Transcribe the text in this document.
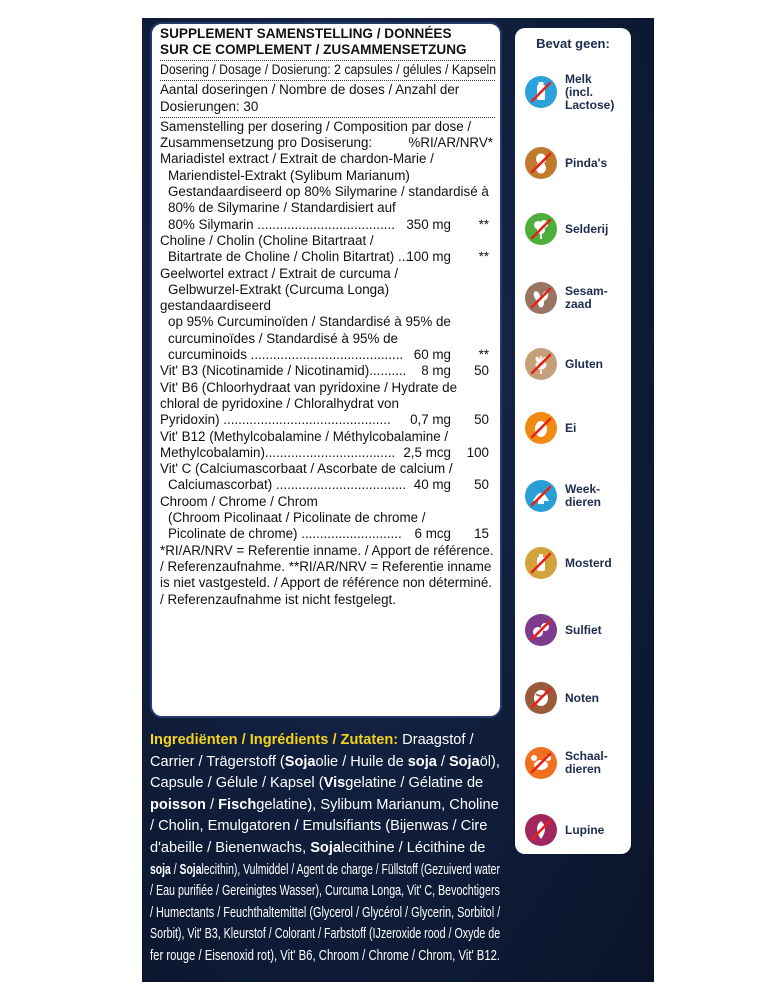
SUPPLEMENT SAMENSTELLING / DONNÉES
SUR CE COMPLEMENT / ZUSAMMENSETZUNG
Dosering / Dosage / Dosierung: 2 capsules / gélules / Kapseln
Aantal doseringen / Nombre de doses / Anzahl der
Dosierungen: 30
Samenstelling per dosering / Composition par dose /
Zusammensetzung pro Dosiserung:	%RI/AR/NRV*
Mariadistel extract / Extrait de chardon-Marie /
Mariendistel-Extrakt (Sylibum Marianum)
Gestandaardiseerd op 80% Silymarine / standardisé à
80% de Silymarine / Standardisiert auf
80% Silymarin ..................................... 350 mg **
Choline / Cholin (Choline Bitartraat /
Bitartrate de Choline / Cholin Bitartrat) ...
100 mg **
Geelwortel extract / Extrait de curcuma /
Gelbwurzel-Extrakt (Curcuma Longa)
gestandaardiseerd
op 95% Curcuminoïden / Standardisé à 95% de
curcuminoïdes / Standardisé à 95% de
curcuminoids ......................................... 60 mg **
Vit' B3 (Nicotinamide / Nicotinamid).......... 8 mg 50
Vit' B6 (Chloorhydraat van pyridoxine / Hydrate de
chloral de pyridoxine / Chloralhydrat von
Pyridoxin) ............................................. 0,7 mg 50
Vit' B12 (Methylcobalamine / Méthylcobalamine /
Methylcobalamin)................................... 2,5 mcg 100
Vit' C (Calciumascorbaat / Ascorbate de calcium /
Calciumascorbat) ................................... 40 mg 50
Chroom / Chrome / Chrom
(Chroom Picolinaat / Picolinate de chrome /
Picolinate de chrome) ........................... 6 mcg 15
*RI/AR/NRV = Referentie inname. / Apport de référence./ Referenzaufnahme. **RI/AR/NRV = Referentie innameis niet vastgesteld. / Apport de référence non déterminé./ Referenzaufnahme ist nicht festgelegt.
Bevat geen:
Melk
(incl.
Lactose)
Pinda's
Selderij
Sesam-
zaad
Gluten
Ei
Week-
dieren
Mosterd
Sulfiet
Noten
Schaal-
dieren
Lupine
Ingrediënten / Ingrédients / Zutaten: Draagstof /
Carrier / Trägerstoff (Sojaolie / Huile de soja / Sojaöl),
Capsule / Gélule / Kapsel (Visgelatine / Gélatine de
poisson / Fischgelatine), Sylibum Marianum, Choline
/ Cholin, Emulgatoren / Emulsifiants (Bijenwas / Cire
d'abeille / Bienenwachs, Sojalecithine / Lécithine de
soja / Sojalecithin), Vulmiddel / Agent de charge / Füllstoff (Gezuiverd water
/ Eau purifiée / Gereinigtes Wasser), Curcuma Longa, Vit' C, Bevochtigers
/ Humectants / Feuchthaltemittel (Glycerol / Glycérol / Glycerin, Sorbitol /
Sorbit), Vit' B3, Kleurstof / Colorant / Farbstoff (IJzeroxide rood / Oxyde de
fer rouge / Eisenoxid rot), Vit' B6, Chroom / Chrome / Chrom, Vit' B12.
